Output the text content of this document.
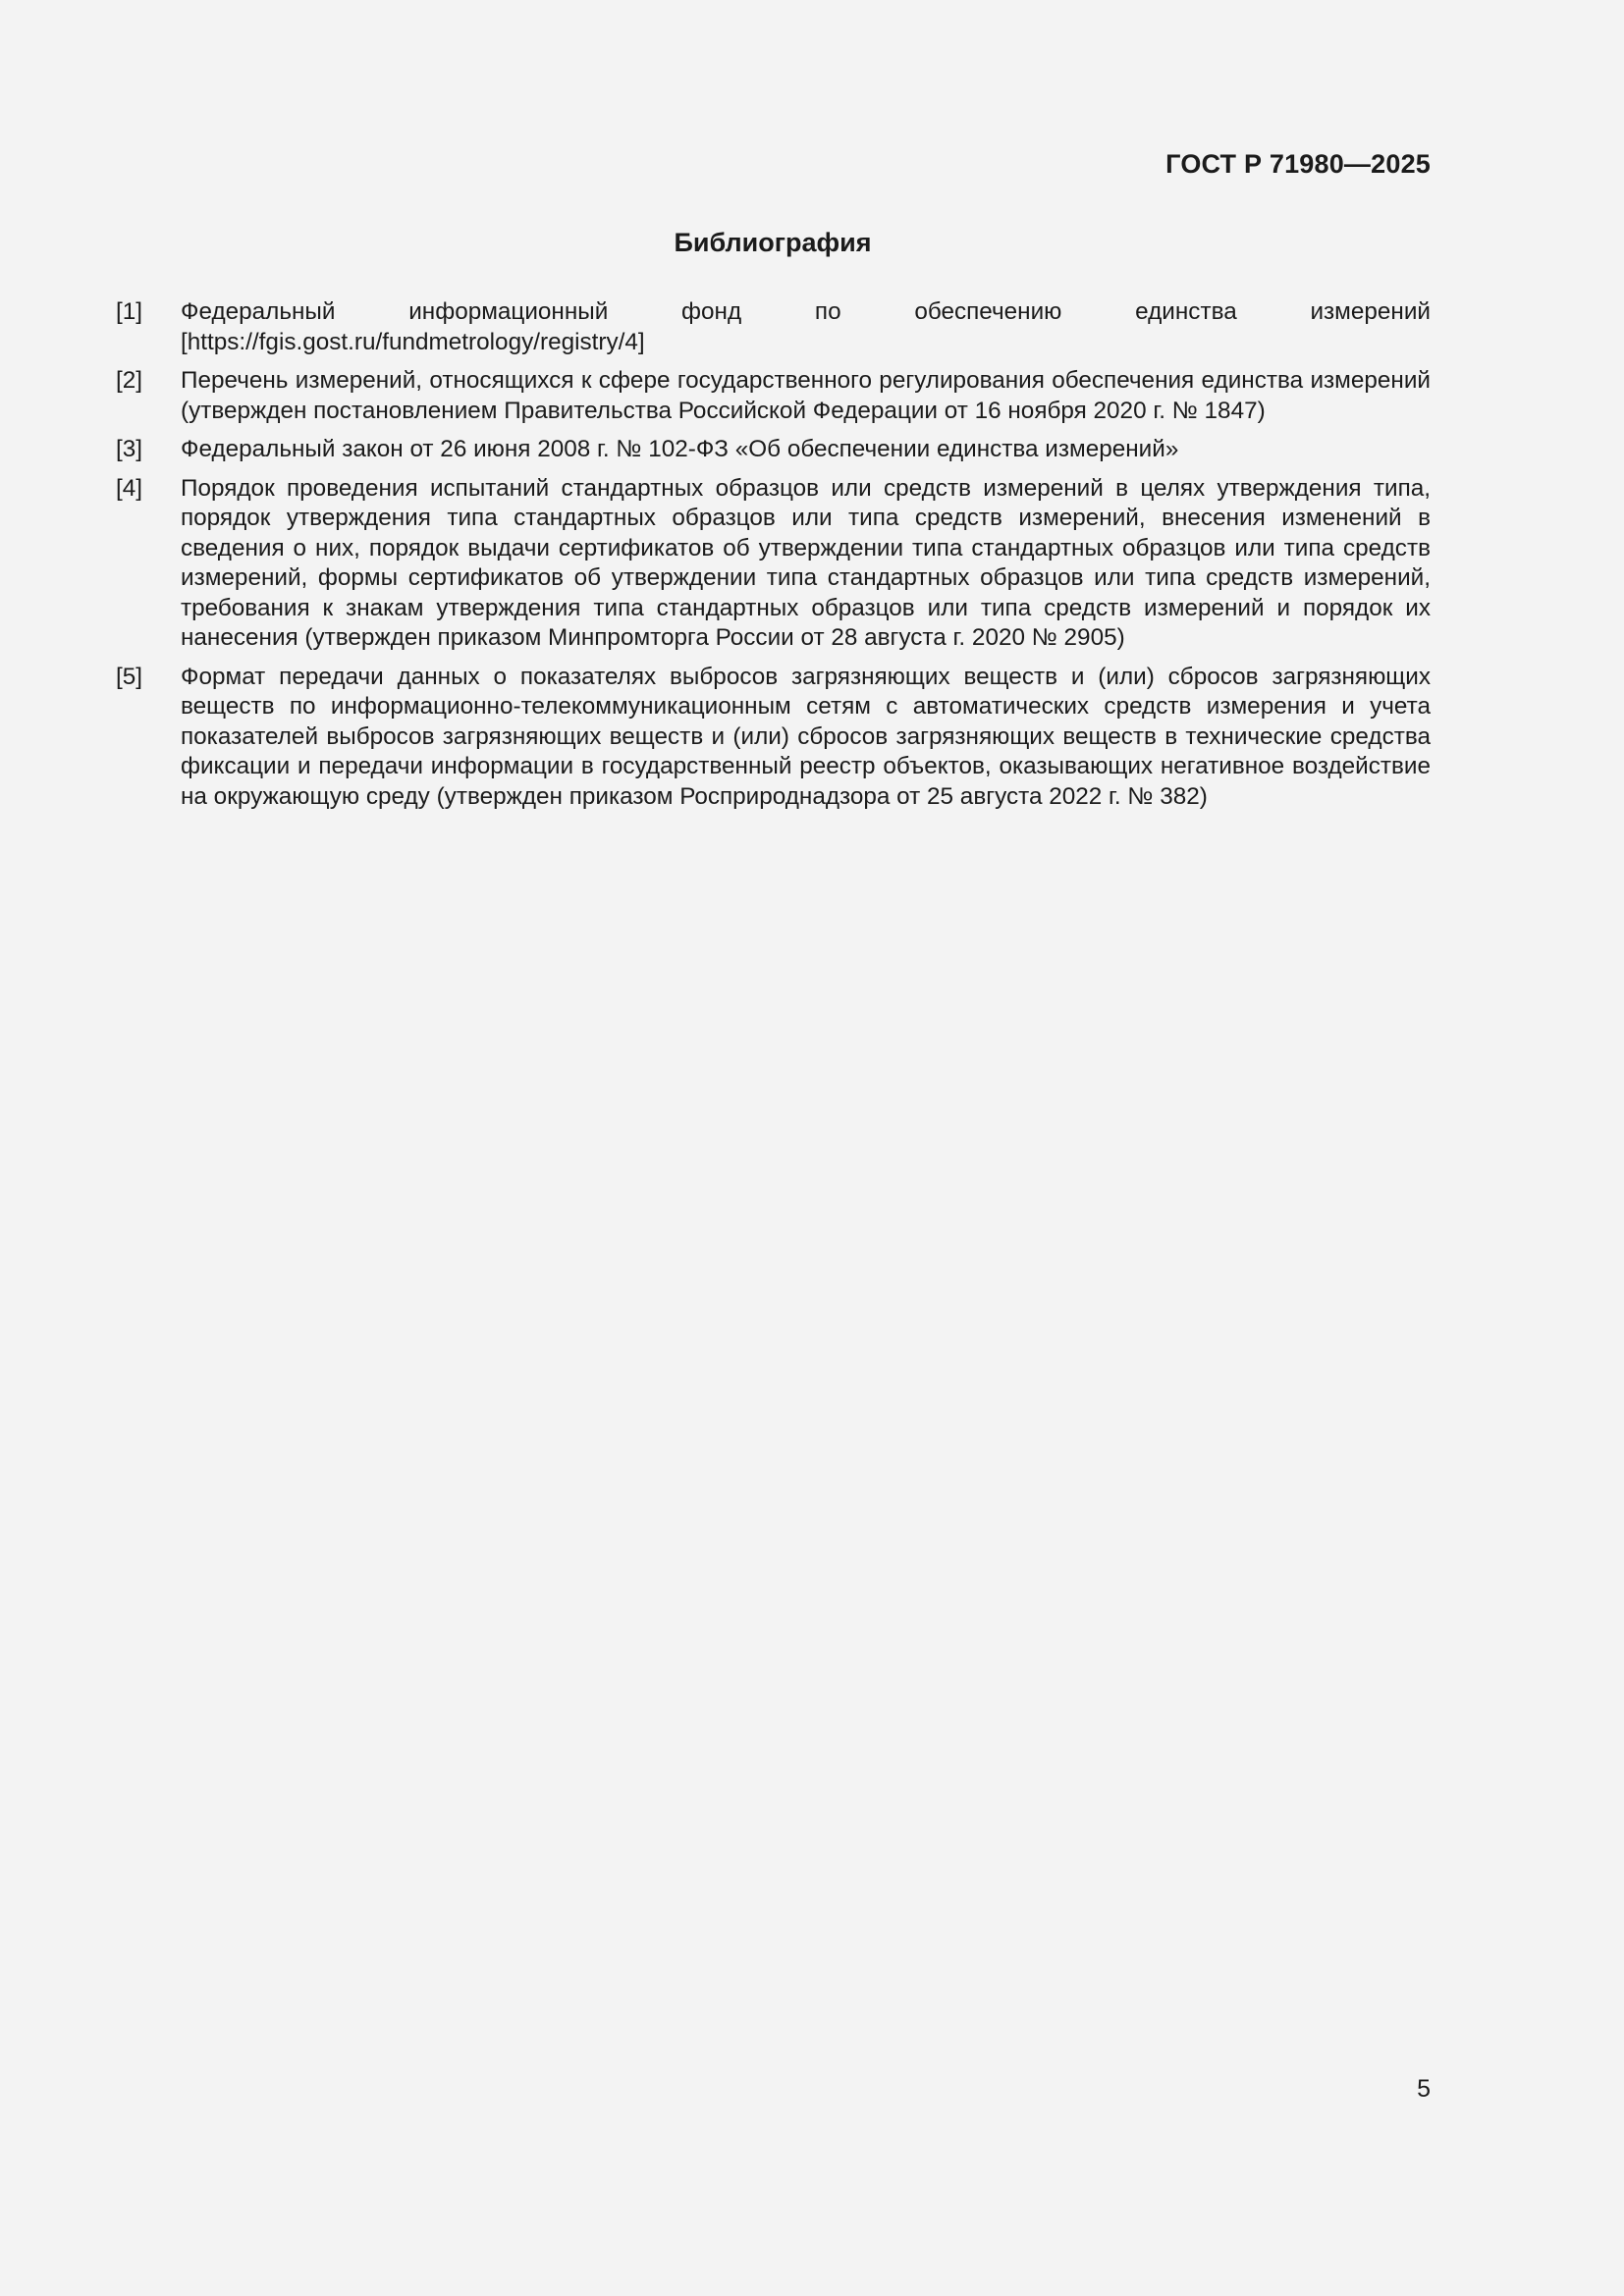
ГОСТ Р 71980—2025
Библиография
[1]	Федеральный информационный фонд по обеспечению единства измерений [https://fgis.gost.ru/fundmetrology/registry/4]
[2]	Перечень измерений, относящихся к сфере государственного регулирования обеспечения единства измерений (утвержден постановлением Правительства Российской Федерации от 16 ноября 2020 г. № 1847)
[3]	Федеральный закон от 26 июня 2008 г. № 102-ФЗ «Об обеспечении единства измерений»
[4]	Порядок проведения испытаний стандартных образцов или средств измерений в целях утверждения типа, порядок утверждения типа стандартных образцов или типа средств измерений, внесения изменений в сведения о них, порядок выдачи сертификатов об утверждении типа стандартных образцов или типа средств измерений, формы сертификатов об утверждении типа стандартных образцов или типа средств измерений, требования к знакам утверждения типа стандартных образцов или типа средств измерений и порядок их нанесения (утвержден приказом Минпромторга России от 28 августа г. 2020 № 2905)
[5]	Формат передачи данных о показателях выбросов загрязняющих веществ и (или) сбросов загрязняющих веществ по информационно-телекоммуникационным сетям с автоматических средств измерения и учета показателей выбросов загрязняющих веществ и (или) сбросов загрязняющих веществ в технические средства фиксации и передачи информации в государственный реестр объектов, оказывающих негативное воздействие на окружающую среду (утвержден приказом Росприроднадзора от 25 августа 2022 г. № 382)
5
